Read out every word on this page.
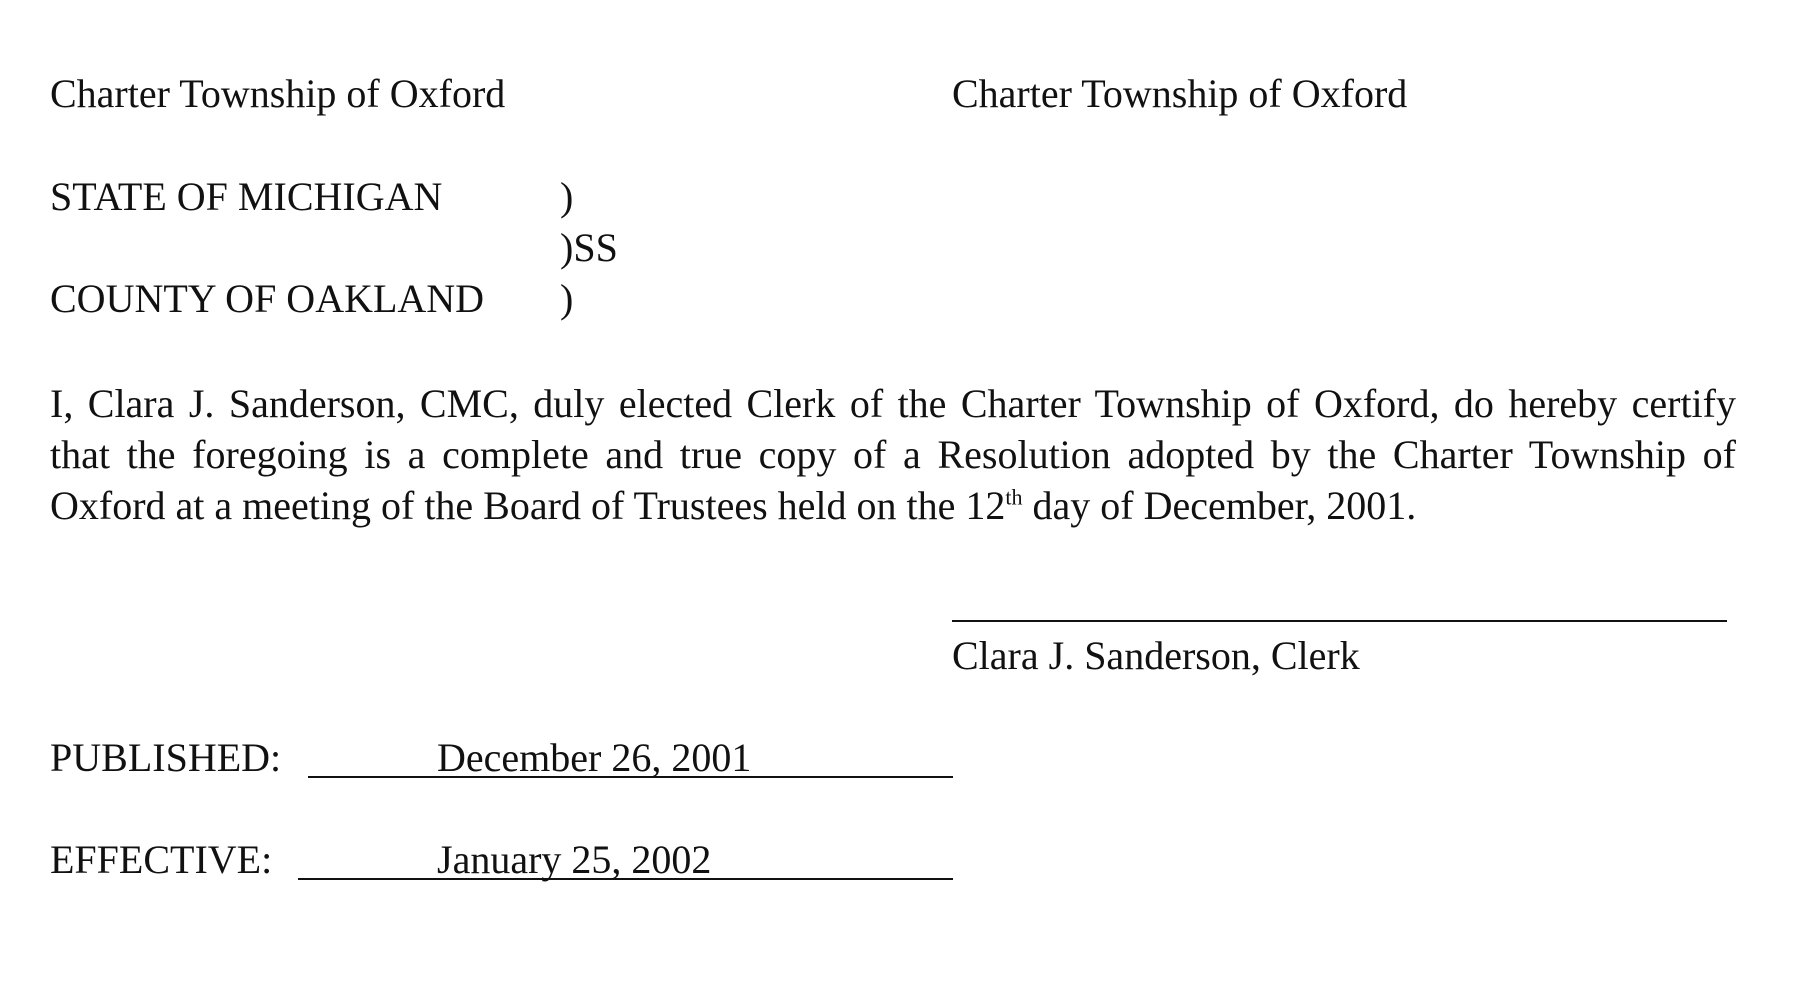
Charter Township of Oxford	Charter Township of Oxford
STATE OF MICHIGAN	)
)SS
COUNTY OF OAKLAND )
I, Clara J. Sanderson, CMC, duly elected Clerk of the Charter Township of Oxford, do hereby certify
that the foregoing is a complete and true copy of a Resolution adopted by the Charter Township of
Oxford at a meeting of the Board of Trustees held on the 12th day of December, 2001.
Clara J. Sanderson, Clerk
PUBLISHED:	December 26, 2001
EFFECTIVE:	January 25, 2002
